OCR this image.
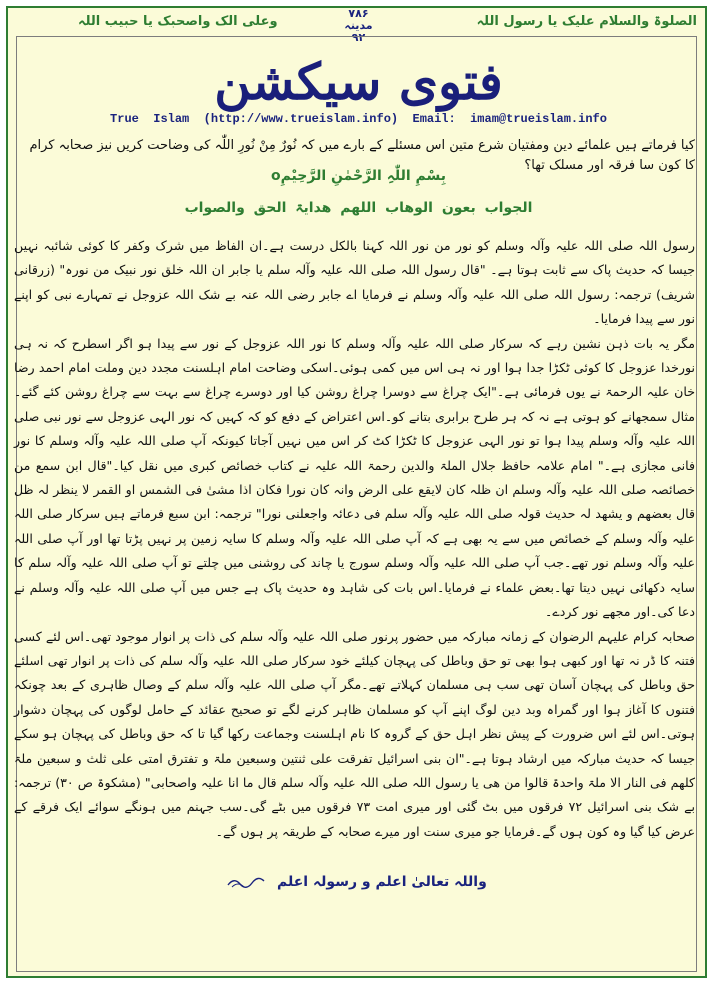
الصلوۃ والسلام علیک یا رسول اللہ
۷۸۶
مدینہ
۹۲
وعلی الک واصحبک یا حبیب اللہ
فتوی سیکشن
True  Islam  (http://www.trueislam.info)  Email:  imam@trueislam.info
کیا فرماتے ہیں علمائے دین ومفتیان شرع متین اس مسئلے کے بارے میں کہ نُورٌ مِنْ نُورِ اللّٰہ کی وضاحت کریں نیز صحابہ کرام کا کون سا فرقہ اور مسلک تھا؟
بِسْمِ اللّٰہِ الرَّحْمٰنِ الرَّحِیْمِo
الجواب بعون الوھاب اللھم ھدایۃ الحق والصواب

رسول اللہ صلی اللہ علیہ وآلہ وسلم کو نور من نور اللہ کہنا بالکل درست ہے۔ان الفاظ میں شرک وکفر کا کوئی شائبہ نہیں جیسا کہ حدیث پاک سے ثابت ہوتا ہے۔ "قال رسول اللہ صلی اللہ علیہ وآلہ سلم یا جابر ان اللہ خلق نور نبیک من نورہ" (زرقانی شریف) ترجمہ: رسول اللہ صلی اللہ علیہ وآلہ وسلم نے فرمایا اے جابر رضی اللہ عنہ بے شک اللہ عزوجل نے تمہارے نبی کو اپنے نور سے پیدا فرمایا۔

مگر یہ بات ذہن نشین رہے کہ سرکار صلی اللہ علیہ وآلہ وسلم کا نور اللہ عزوجل کے نور سے پیدا ہو اگر اسطرح کہ نہ ہی نورخدا عزوجل کا کوئی ٹکڑا جدا ہوا اور نہ ہی اس میں کمی ہوئی۔اسکی وضاحت امام اہلسنت مجدد دین وملت امام احمد رضا خان علیہ الرحمۃ نے یوں فرمائی ہے۔"ایک چراغ سے دوسرا چراغ روشن کیا اور دوسرے چراغ سے بہت سے چراغ روشن کئے گئے۔مثال سمجھانے کو ہوتی ہے نہ کہ ہر طرح برابری بتانے کو۔اس اعتراض کے دفع کو کہ کہیں کہ نور الہی عزوجل سے نور نبی صلی اللہ علیہ وآلہ وسلم پیدا ہوا تو نور الہی عزوجل کا ٹکڑا کٹ کر اس میں نہیں آجاتا کیونکہ آپ صلی اللہ علیہ وآلہ وسلم کا نور فانی مجازی ہے۔" امام علامہ حافظ جلال الملۃ والدین رحمۃ اللہ علیہ نے کتاب خصائص کبری میں نقل کیا۔"قال ابن سمع من خصائصہ صلی اللہ علیہ وآلہ وسلم ان ظلہ کان لایقع علی الرض وانہ کان نورا فکان اذا مشیٰ فی الشمس او القمر لا ینظر لہ ظل قال بعضھم و یشھد لہ حدیث قولہ صلی اللہ علیہ وآلہ سلم فی دعائہ واجعلنی نورا" ترجمہ: ابن سبع فرماتے ہیں سرکار صلی اللہ علیہ وآلہ وسلم کے خصائص میں سے یہ بھی ہے کہ آپ صلی اللہ علیہ وآلہ وسلم کا سایہ زمین پر نہیں پڑتا تھا اور آپ صلی اللہ علیہ وآلہ وسلم نور تھے۔جب آپ صلی اللہ علیہ وآلہ وسلم سورج یا چاند کی روشنی میں چلتے تو آپ صلی اللہ علیہ وآلہ سلم کا سایہ دکھائی نہیں دیتا تھا۔بعض علماء نے فرمایا۔اس بات کی شاہد وہ حدیث پاک ہے جس میں آپ صلی اللہ علیہ وآلہ وسلم نے دعا کی۔اور مجھے نور کردے۔

صحابہ کرام علیہم الرضوان کے زمانہ مبارکہ میں حضور پرنور صلی اللہ علیہ وآلہ سلم کی ذات پر انوار موجود تھی۔اس لئے کسی فتنہ کا ڈر نہ تھا اور کبھی ہوا بھی تو حق وباطل کی پہچان کیلئے خود سرکار صلی اللہ علیہ وآلہ سلم کی ذات پر انوار تھی اسلئے حق وباطل کی پہچان آسان تھی سب ہی مسلمان کہلاتے تھے۔مگر آپ صلی اللہ علیہ وآلہ سلم کے وصال ظاہری کے بعد چونکہ فتنوں کا آغاز ہوا اور گمراہ وبد دین لوگ اپنے آپ کو مسلمان ظاہر کرنے لگے تو صحیح عقائد کے حامل لوگوں کی پہچان دشوار ہوتی۔اس لئے اس ضرورت کے پیش نظر اہل حق کے گروہ کا نام اہلسنت وجماعت رکھا گیا تا کہ حق وباطل کی پہچان ہو سکے جیسا کہ حدیث مبارکہ میں ارشاد ہوتا ہے۔"ان بنی اسرائیل تفرقت علی ثنتین وسبعین ملۃ و تفترق امتی علی ثلث و سبعین ملۃ کلھم فی النار الا ملۃ واحدۃ قالوا من ھی یا رسول اللہ صلی اللہ علیہ وآلہ سلم قال ما انا علیہ واصحابی" (مشکوۃ ص ۳۰) ترجمہ: بے شک بنی اسرائیل ۷۲ فرقوں میں بٹ گئی اور میری امت ۷۳ فرقوں میں بٹے گی۔سب جہنم میں ہونگے سوائے ایک فرقے کے عرض کیا گیا وہ کون ہوں گے۔فرمایا جو میری سنت اور میرے صحابہ کے طریقہ پر ہوں گے۔

واللہ تعالیٰ اعلم و رسولہ اعلم
